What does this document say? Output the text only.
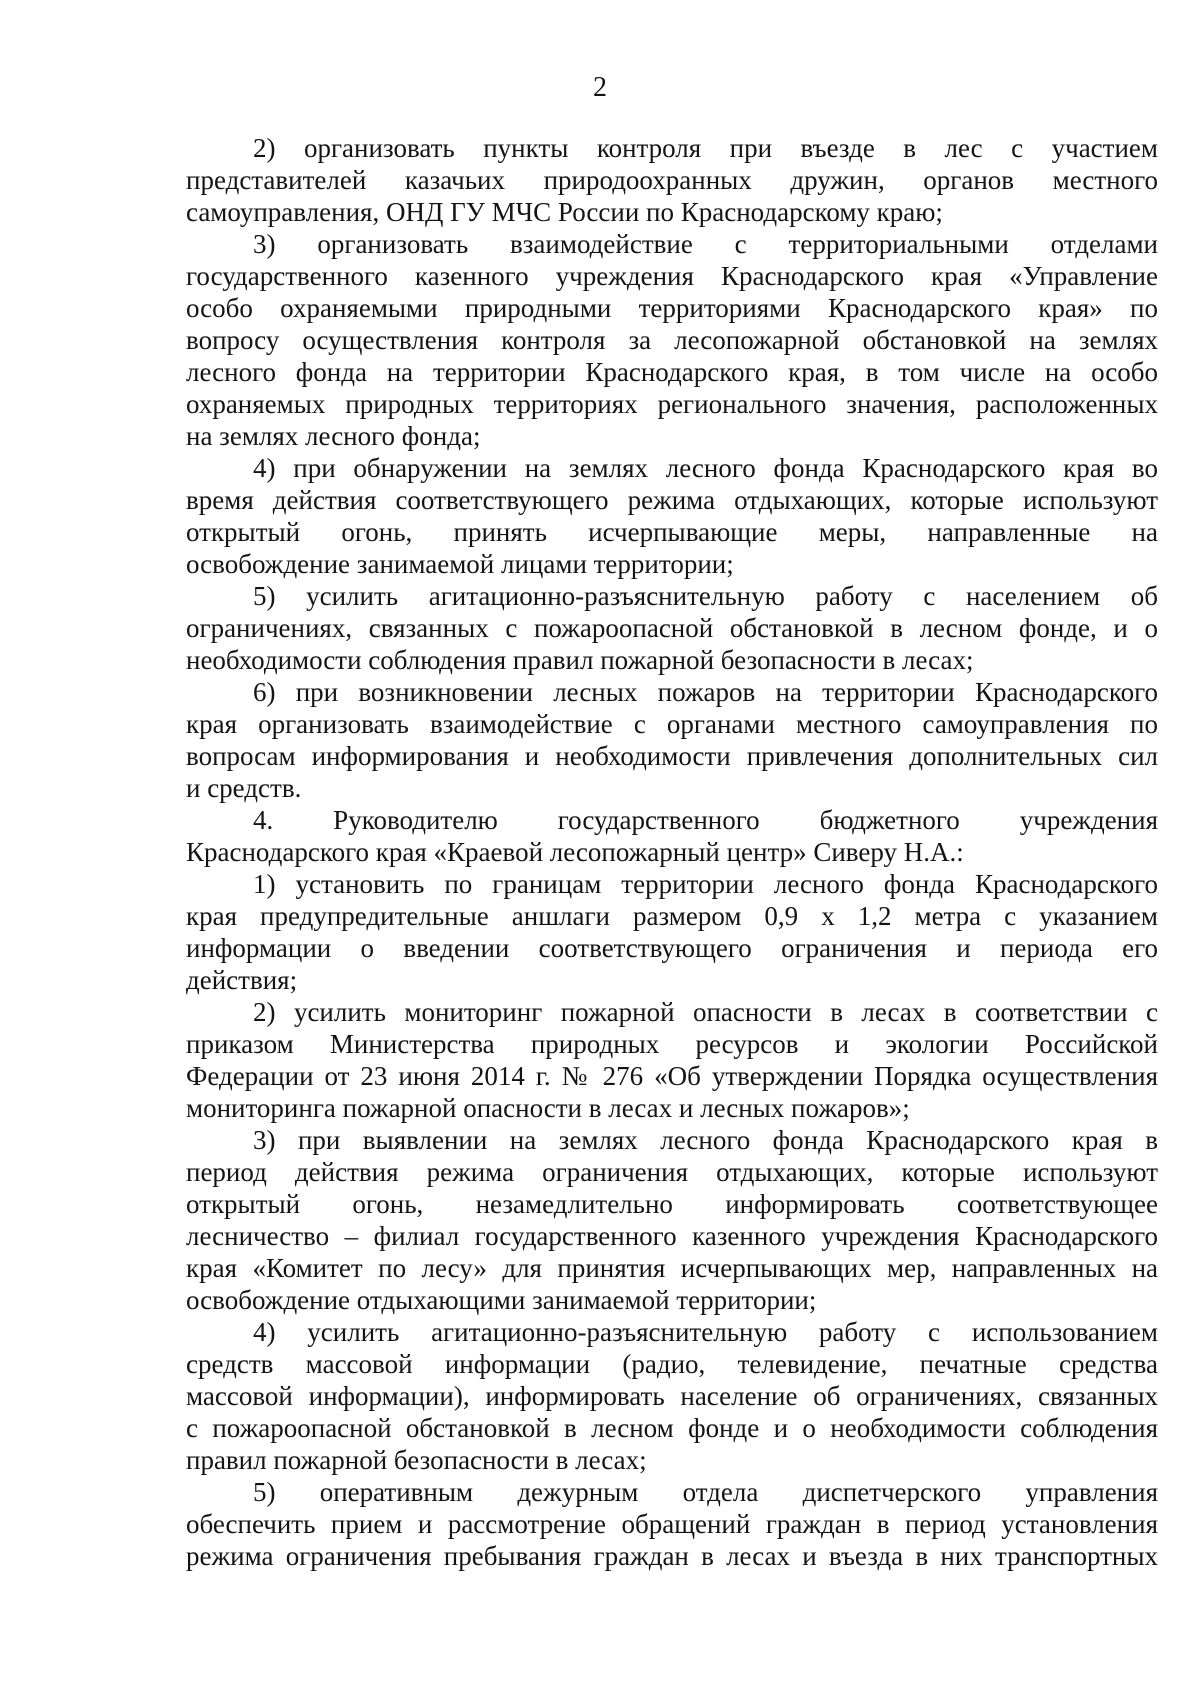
2
2) организовать пункты контроля при въезде в лес с участием
представителей казачьих природоохранных дружин, органов местного
самоуправления, ОНД ГУ МЧС России по Краснодарскому краю;
3) организовать взаимодействие с территориальными отделами
государственного казенного учреждения Краснодарского края «Управление
особо охраняемыми природными территориями Краснодарского края» по
вопросу осуществления контроля за лесопожарной обстановкой на землях
лесного фонда на территории Краснодарского края, в том числе на особо
охраняемых природных территориях регионального значения, расположенных
на землях лесного фонда;
4) при обнаружении на землях лесного фонда Краснодарского края во
время действия соответствующего режима отдыхающих, которые используют
открытый огонь, принять исчерпывающие меры, направленные на
освобождение занимаемой лицами территории;
5) усилить агитационно-разъяснительную работу с населением об
ограничениях, связанных с пожароопасной обстановкой в лесном фонде, и о
необходимости соблюдения правил пожарной безопасности в лесах;
6) при возникновении лесных пожаров на территории Краснодарского
края организовать взаимодействие с органами местного самоуправления по
вопросам информирования и необходимости привлечения дополнительных сил
и средств.
4. Руководителю государственного бюджетного учреждения
Краснодарского края «Краевой лесопожарный центр» Сиверу Н.А.:
1) установить по границам территории лесного фонда Краснодарского
края предупредительные аншлаги размером 0,9 х 1,2 метра с указанием
информации о введении соответствующего ограничения и периода его
действия;
2) усилить мониторинг пожарной опасности в лесах в соответствии с
приказом Министерства природных ресурсов и экологии Российской
Федерации от 23 июня 2014 г. № 276 «Об утверждении Порядка осуществления
мониторинга пожарной опасности в лесах и лесных пожаров»;
3) при выявлении на землях лесного фонда Краснодарского края в
период действия режима ограничения отдыхающих, которые используют
открытый огонь, незамедлительно информировать соответствующее
лесничество – филиал государственного казенного учреждения Краснодарского
края «Комитет по лесу» для принятия исчерпывающих мер, направленных на
освобождение отдыхающими занимаемой территории;
4) усилить агитационно-разъяснительную работу с использованием
средств массовой информации (радио, телевидение, печатные средства
массовой информации), информировать население об ограничениях, связанных
с пожароопасной обстановкой в лесном фонде и о необходимости соблюдения
правил пожарной безопасности в лесах;
5) оперативным дежурным отдела диспетчерского управления
обеспечить прием и рассмотрение обращений граждан в период установления
режима ограничения пребывания граждан в лесах и въезда в них транспортных
